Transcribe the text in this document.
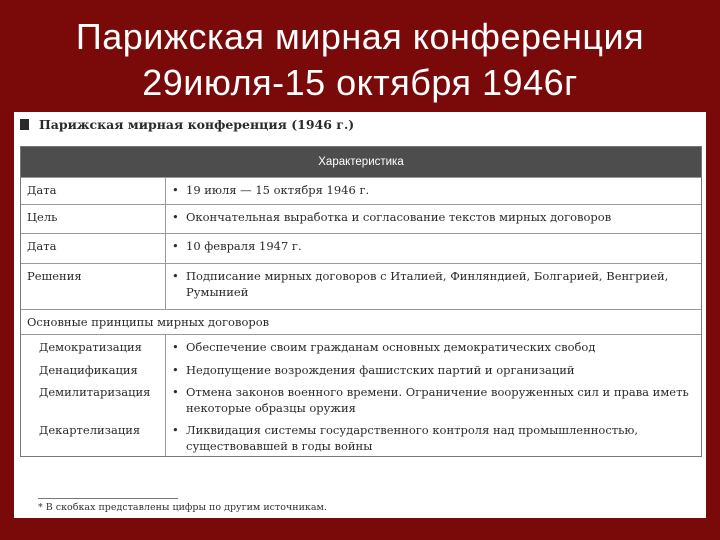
Парижская мирная конференция
29июля-15 октября 1946г
Парижская мирная конференция (1946 г.)
Характеристика
Дата	• 19 июля — 15 октября 1946 г.
Цель	• Окончательная выработка и согласование текстов мирных договоров
Дата	• 10 февраля 1947 г.
Решения	• Подписание мирных договоров с Италией, Финляндией, Болгарией, Венгрией, Румынией
Основные принципы мирных договоров
Демократизация	• Обеспечение своим гражданам основных демократических свобод
Денацификация	• Недопущение возрождения фашистских партий и организаций
Демилитаризация	• Отмена законов военного времени. Ограничение вооруженных сил и права иметь некоторые образцы оружия
Декартелизация	• Ликвидация системы государственного контроля над промышленностью, существовавшей в годы войны
* В скобках представлены цифры по другим источникам.
